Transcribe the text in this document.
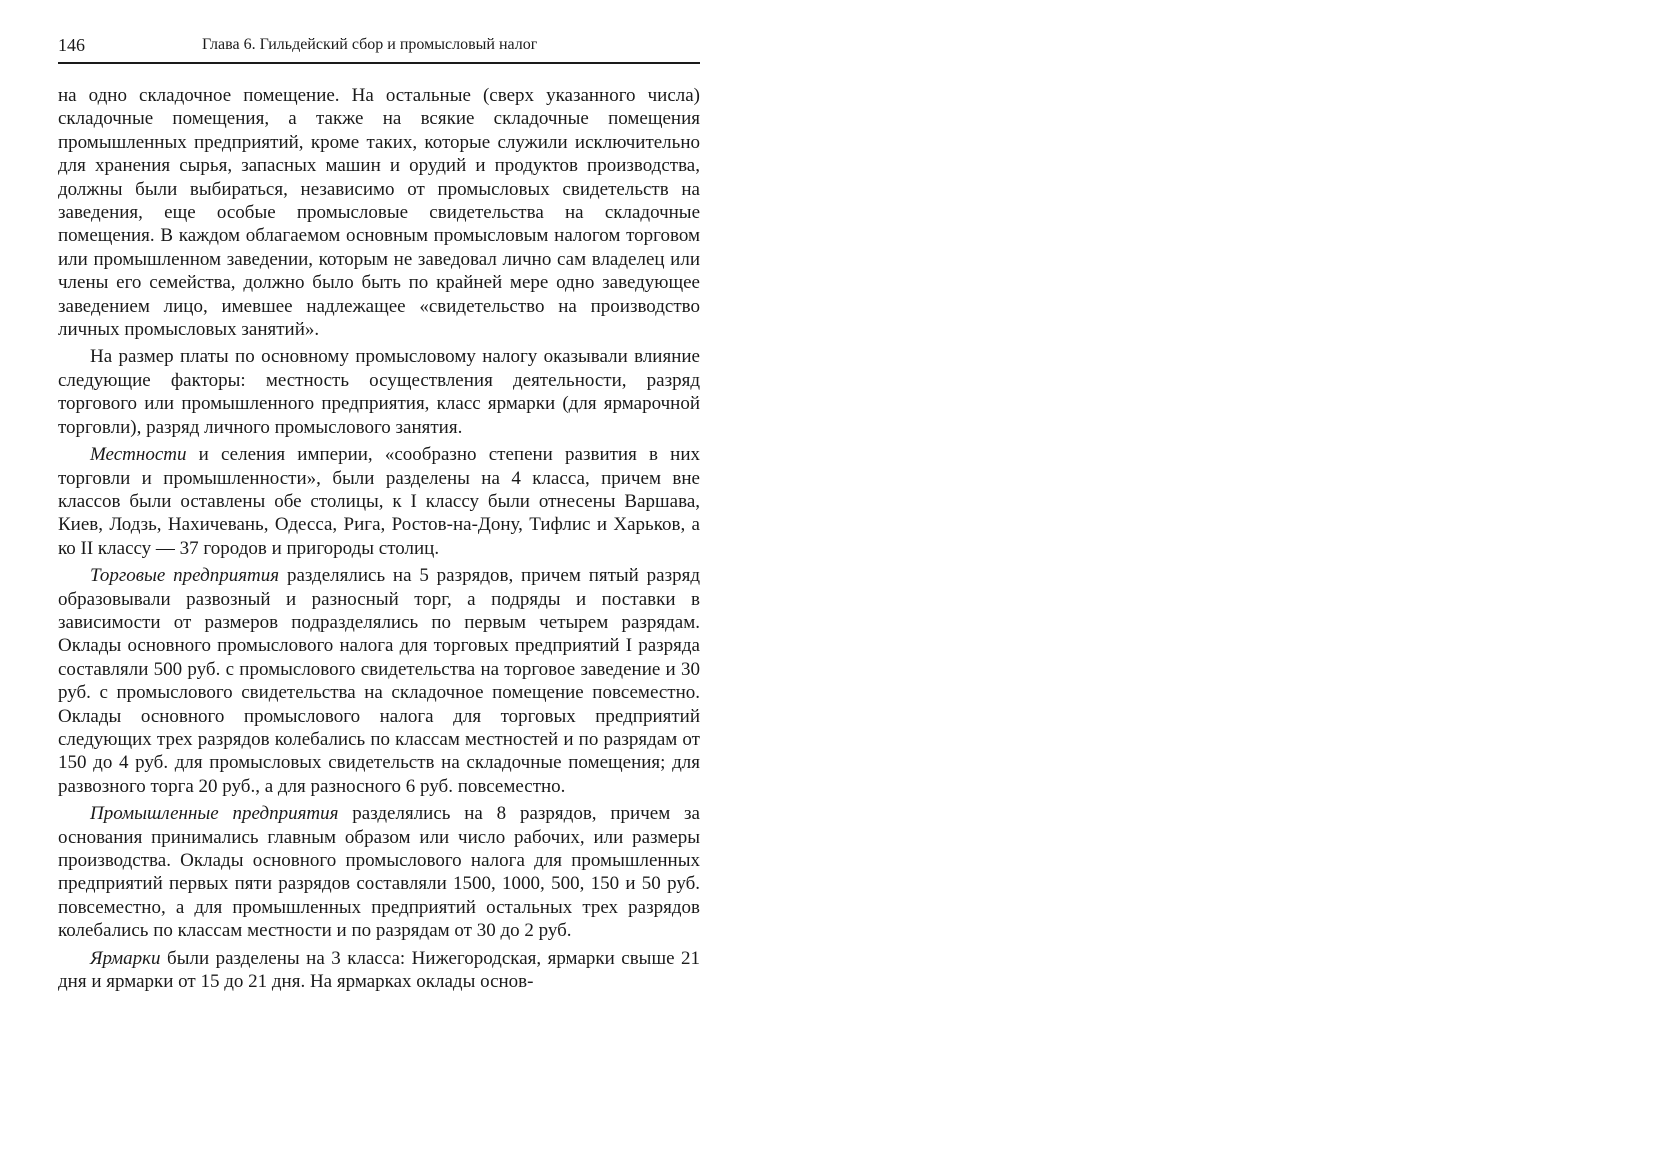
146	Глава 6. Гильдейский сбор и промысловый налог

на одно складочное помещение. На остальные (сверх указанного числа) складочные помещения, а также на всякие складочные помещения промышленных предприятий, кроме таких, которые служили исключительно для хранения сырья, запасных машин и орудий и продуктов производства, должны были выбираться, независимо от промысловых свидетельств на заведения, еще особые промысловые свидетельства на складочные помещения. В каждом облагаемом основным промысловым налогом торговом или промышленном заведении, которым не заведовал лично сам владелец или члены его семейства, должно было быть по крайней мере одно заведующее заведением лицо, имевшее надлежащее «свидетельство на производство личных промысловых занятий».

На размер платы по основному промысловому налогу оказывали влияние следующие факторы: местность осуществления деятельности, разряд торгового или промышленного предприятия, класс ярмарки (для ярмарочной торговли), разряд личного промыслового занятия.

Местности и селения империи, «сообразно степени развития в них торговли и промышленности», были разделены на 4 класса, причем вне классов были оставлены обе столицы, к I классу были отнесены Варшава, Киев, Лодзь, Нахичевань, Одесса, Рига, Ростов-на-Дону, Тифлис и Харьков, а ко II классу — 37 городов и пригороды столиц.

Торговые предприятия разделялись на 5 разрядов, причем пятый разряд образовывали развозный и разносный торг, а подряды и поставки в зависимости от размеров подразделялись по первым четырем разрядам. Оклады основного промыслового налога для торговых предприятий I разряда составляли 500 руб. с промыслового свидетельства на торговое заведение и 30 руб. с промыслового свидетельства на складочное помещение повсеместно. Оклады основного промыслового налога для торговых предприятий следующих трех разрядов колебались по классам местностей и по разрядам от 150 до 4 руб. для промысловых свидетельств на складочные помещения; для развозного торга 20 руб., а для разносного 6 руб. повсеместно.

Промышленные предприятия разделялись на 8 разрядов, причем за основания принимались главным образом или число рабочих, или размеры производства. Оклады основного промыслового налога для промышленных предприятий первых пяти разрядов составляли 1500, 1000, 500, 150 и 50 руб. повсеместно, а для промышленных предприятий остальных трех разрядов колебались по классам местности и по разрядам от 30 до 2 руб.

Ярмарки были разделены на 3 класса: Нижегородская, ярмарки свыше 21 дня и ярмарки от 15 до 21 дня. На ярмарках оклады основ-
